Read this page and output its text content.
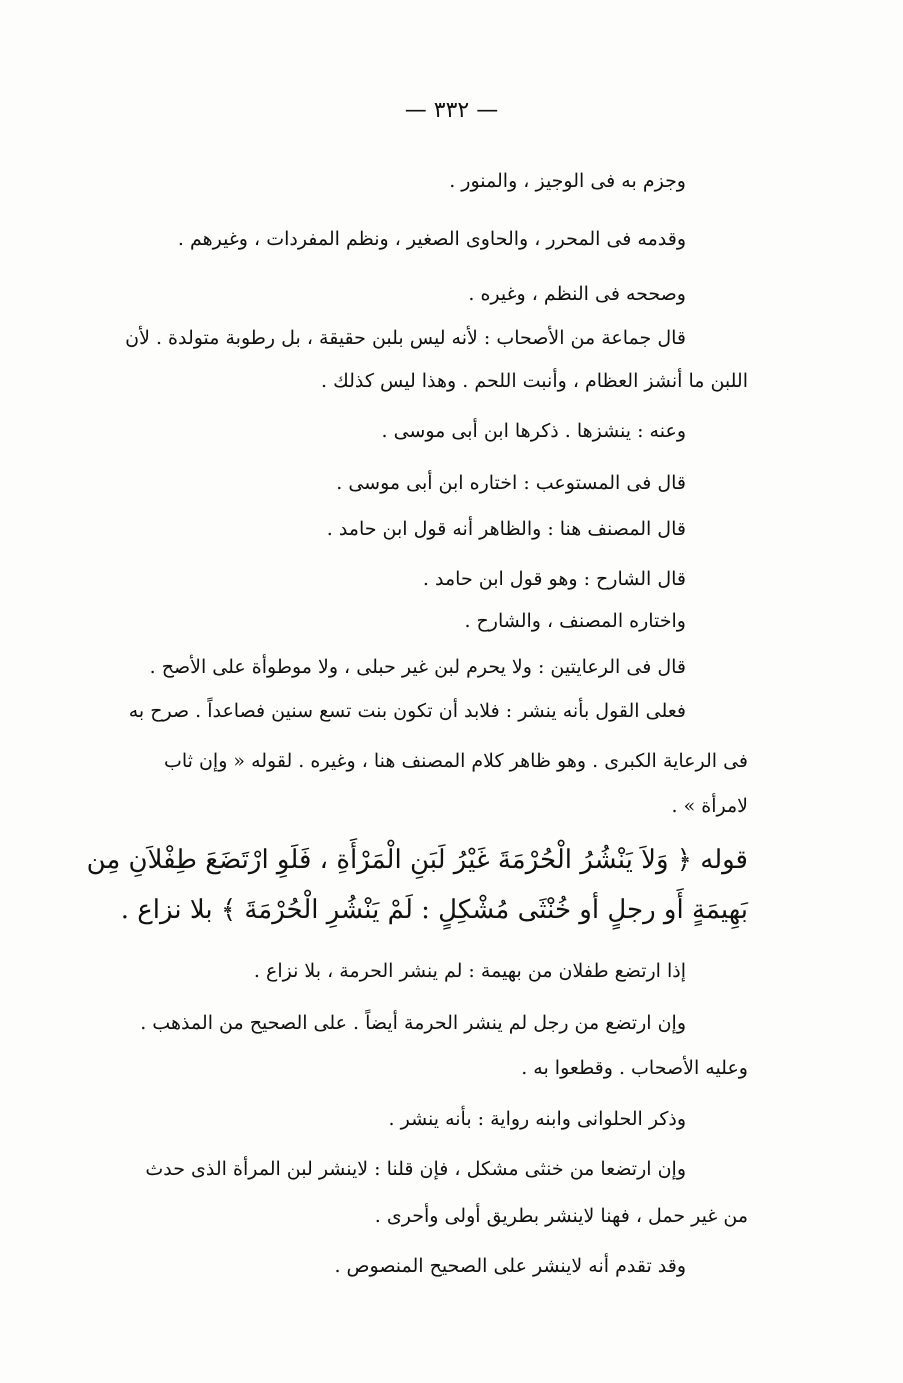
— ٣٣٢ —
وجزم به فى الوجيز ، والمنور .
وقدمه فى المحرر ، والحاوى الصغير ، ونظم المفردات ، وغيرهم .
وصححه فى النظم ، وغيره .
قال جماعة من الأصحاب : لأنه ليس بلبن حقيقة ، بل رطوبة متولدة . لأن
اللبن ما أنشز العظام ، وأنبت اللحم . وهذا ليس كذلك .
وعنه : ينشزها . ذكرها ابن أبى موسى .
قال فى المستوعب : اختاره ابن أبى موسى .
قال المصنف هنا : والظاهر أنه قول ابن حامد .
قال الشارح : وهو قول ابن حامد .
واختاره المصنف ، والشارح .
قال فى الرعايتين : ولا يحرم لبن غير حبلى ، ولا موطوأة على الأصح .
فعلى القول بأنه ينشر : فلابد أن تكون بنت تسع سنين فصاعداً . صرح به
فى الرعاية الكبرى . وهو ظاهر كلام المصنف هنا ، وغيره . لقوله « وإن ثاب
لامرأة » .
قوله ﴿ وَلاَ يَنْشُرُ الْحُرْمَةَ غَيْرُ لَبَنِ الْمَرْأَةِ ، فَلَوِ ارْتَضَعَ طِفْلاَنِ مِن
بَهِيمَةٍ أَو رجلٍ أو خُنْثَى مُشْكِلٍ : لَمْ يَنْشُرِ الْحُرْمَةَ ﴾ بلا نزاع .
إذا ارتضع طفلان من بهيمة : لم ينشر الحرمة ، بلا نزاع .
وإن ارتضع من رجل لم ينشر الحرمة أيضاً . على الصحيح من المذهب .
وعليه الأصحاب . وقطعوا به .
وذكر الحلوانى وابنه رواية : بأنه ينشر .
وإن ارتضعا من خنثى مشكل ، فإن قلنا : لاينشر لبن المرأة الذى حدث
من غير حمل ، فهنا لاينشر بطريق أولى وأحرى .
وقد تقدم أنه لاينشر على الصحيح المنصوص .
